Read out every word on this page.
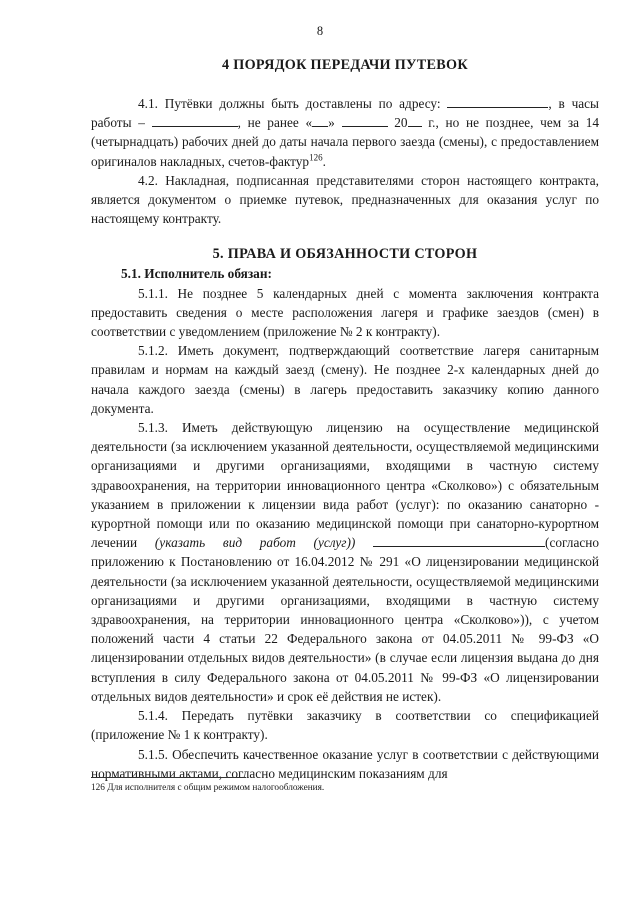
8
4 ПОРЯДОК ПЕРЕДАЧИ ПУТЕВОК

4.1. Путёвки должны быть доставлены по адресу:	, в часы работы –	, не ранее « »	20 г., но не позднее, чем за 14 (четырнадцать) рабочих дней до даты начала первого заезда (смены), с предоставлением оригиналов накладных, счетов-фактур$^{126}$.

4.2. Накладная, подписанная представителями сторон настоящего контракта, является документом о приемке путевок, предназначенных для оказания услуг по настоящему контракту.

5. ПРАВА И ОБЯЗАННОСТИ СТОРОН

5.1. Исполнитель обязан:

5.1.1. Не позднее 5 календарных дней с момента заключения контракта предоставить сведения о месте расположения лагеря и графике заездов (смен) в соответствии с уведомлением (приложение № 2 к контракту).

5.1.2. Иметь документ, подтверждающий соответствие лагеря санитарным правилам и нормам на каждый заезд (смену). Не позднее 2-х календарных дней до начала каждого заезда (смены) в лагерь предоставить заказчику копию данного документа.

5.1.3. Иметь действующую лицензию на осуществление медицинской деятельности (за исключением указанной деятельности, осуществляемой медицинскими организациями и другими организациями, входящими в частную систему здравоохранения, на территории инновационного центра «Сколково») с обязательным указанием в приложении к лицензии вида работ (услуг): по оказанию санаторно - курортной помощи или по оказанию медицинской помощи при санаторно-курортном лечении (указать вид работ (услуг))	(согласно приложению к Постановлению от 16.04.2012 № 291 «О лицензировании медицинской деятельности (за исключением указанной деятельности, осуществляемой медицинскими организациями и другими организациями, входящими в частную систему здравоохранения, на территории инновационного центра «Сколково»)), с учетом положений части 4 статьи 22 Федерального закона от 04.05.2011 № 99-ФЗ «О лицензировании отдельных видов деятельности» (в случае если лицензия выдана до дня вступления в силу Федерального закона от 04.05.2011 № 99-ФЗ «О лицензировании отдельных видов деятельности» и срок её действия не истек).

5.1.4. Передать путёвки заказчику в соответствии со спецификацией (приложение № 1 к контракту).

5.1.5. Обеспечить качественное оказание услуг в соответствии с действующими нормативными актами, согласно медицинским показаниям для

126 Для исполнителя с общим режимом налогообложения.
